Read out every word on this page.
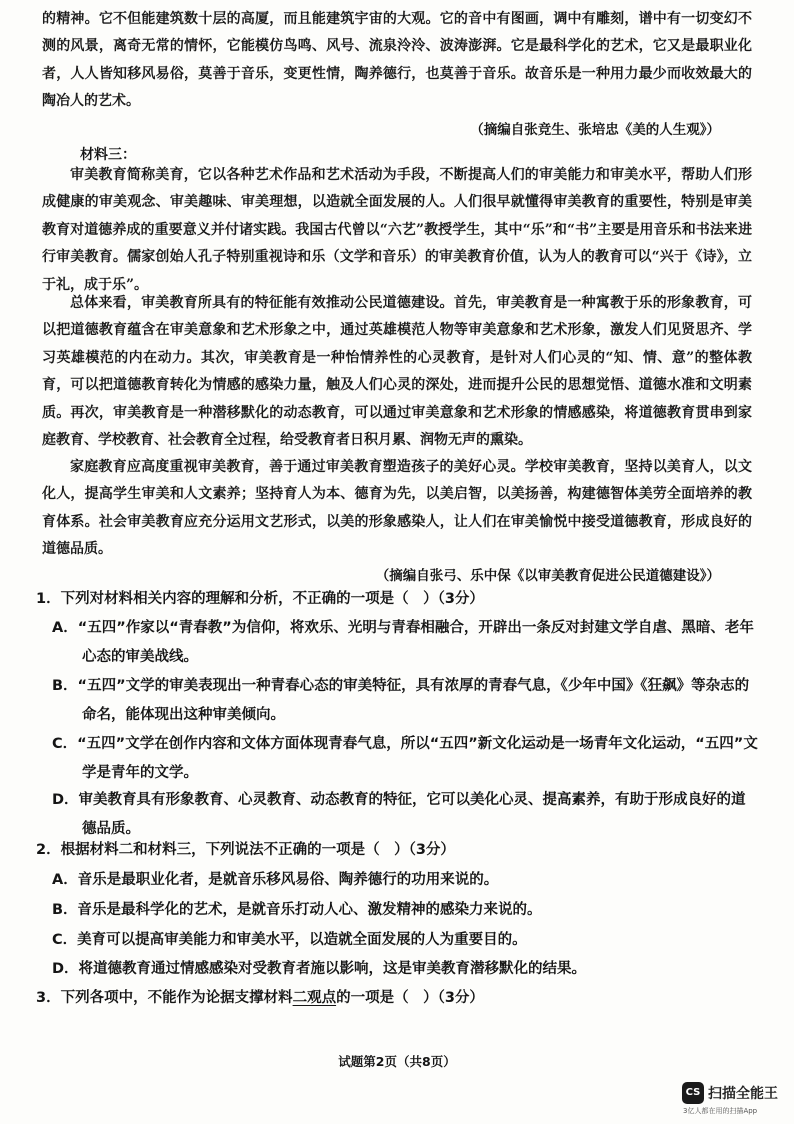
的精神。它不但能建筑数十层的高厦，而且能建筑宇宙的大观。它的音中有图画，调中有雕刻，谱中有一切变幻不测的风景，离奇无常的情怀，它能模仿鸟鸣、风号、流泉泠泠、波涛澎湃。它是最科学化的艺术，它又是最职业化者，人人皆知移风易俗，莫善于音乐，变更性情，陶养德行，也莫善于音乐。故音乐是一种用力最少而收效最大的陶冶人的艺术。

（摘编自张竞生、张培忠《美的人生观》）
材料三：

审美教育简称美育，它以各种艺术作品和艺术活动为手段，不断提高人们的审美能力和审美水平，帮助人们形成健康的审美观念、审美趣味、审美理想，以造就全面发展的人。人们很早就懂得审美教育的重要性，特别是审美教育对道德养成的重要意义并付诸实践。我国古代曾以“六艺”教授学生，其中“乐”和“书”主要是用音乐和书法来进行审美教育。儒家创始人孔子特别重视诗和乐（文学和音乐）的审美教育价值，认为人的教育可以“兴于《诗》，立于礼，成于乐”。

总体来看，审美教育所具有的特征能有效推动公民道德建设。首先，审美教育是一种寓教于乐的形象教育，可以把道德教育蕴含在审美意象和艺术形象之中，通过英雄模范人物等审美意象和艺术形象，激发人们见贤思齐、学习英雄模范的内在动力。其次，审美教育是一种怡情养性的心灵教育，是针对人们心灵的“知、情、意”的整体教育，可以把道德教育转化为情感的感染力量，触及人们心灵的深处，进而提升公民的思想觉悟、道德水准和文明素质。再次，审美教育是一种潜移默化的动态教育，可以通过审美意象和艺术形象的情感感染，将道德教育贯串到家庭教育、学校教育、社会教育全过程，给受教育者日积月累、润物无声的熏染。

家庭教育应高度重视审美教育，善于通过审美教育塑造孩子的美好心灵。学校审美教育，坚持以美育人，以文化人，提高学生审美和人文素养；坚持育人为本、德育为先，以美启智，以美扬善，构建德智体美劳全面培养的教育体系。社会审美教育应充分运用文艺形式，以美的形象感染人，让人们在审美愉悦中接受道德教育，形成良好的道德品质。

（摘编自张弓、乐中保《以审美教育促进公民道德建设》）

1．下列对材料相关内容的理解和分析，不正确的一项是（　）（3分）

A．“五四”作家以“青春教”为信仰，将欢乐、光明与青春相融合，开辟出一条反对封建文学自虐、黑暗、老年心态的审美战线。

B．“五四”文学的审美表现出一种青春心态的审美特征，具有浓厚的青春气息，《少年中国》《狂飙》等杂志的命名，能体现出这种审美倾向。

C．“五四”文学在创作内容和文体方面体现青春气息，所以“五四”新文化运动是一场青年文化运动，“五四”文学是青年的文学。

D．审美教育具有形象教育、心灵教育、动态教育的特征，它可以美化心灵、提高素养，有助于形成良好的道德品质。

2．根据材料二和材料三，下列说法不正确的一项是（　）（3分）

A．音乐是最职业化者，是就音乐移风易俗、陶养德行的功用来说的。

B．音乐是最科学化的艺术，是就音乐打动人心、激发精神的感染力来说的。

C．美育可以提高审美能力和审美水平，以造就全面发展的人为重要目的。

D．将道德教育通过情感感染对受教育者施以影响，这是审美教育潜移默化的结果。

3．下列各项中，不能作为论据支撑材料二观点的一项是（　）（3分）

试题第2页（共8页）
CS 扫描全能王
3亿人都在用的扫描App
